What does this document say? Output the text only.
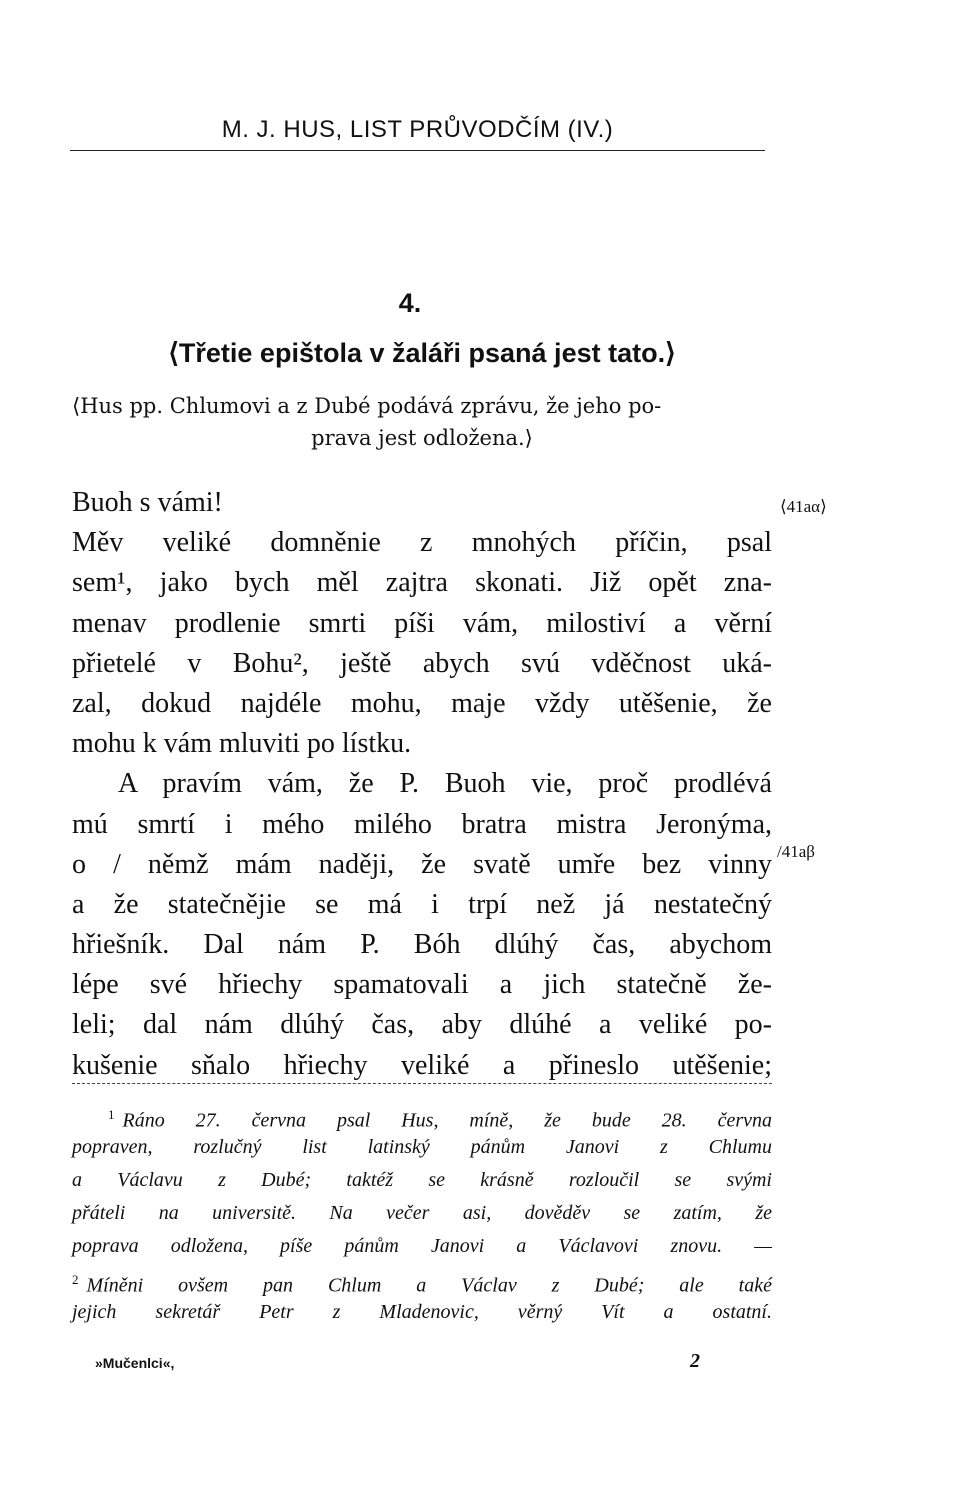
M. J. HUS, LIST PRŮVODČÍM (IV.)
4.
⟨Třetie epištola v žaláři psaná jest tato.⟩
⟨Hus pp. Chlumovi a z Dubé podává zprávu, že jeho po-
prava jest odložena.⟩
⟨41aα⟩
/41aβ
Buoh s vámi!
Měv veliké domněnie z mnohých příčin, psal
sem¹, jako bych měl zajtra skonati. Již opět zna-
menav prodlenie smrti píši vám, milostiví a věrní
přietelé v Bohu², ještě abych svú vděčnost uká-
zal, dokud najdéle mohu, maje vždy utěšenie, že
mohu k vám mluviti po lístku.
A pravím vám, že P. Buoh vie, proč prodlévá
mú smrtí i mého milého bratra mistra Jeronýma,
o / němž mám naději, že svatě umře bez vinny
a že statečnějie se má i trpí než já nestatečný
hřiešník. Dal nám P. Bóh dlúhý čas, abychom
lépe své hřiechy spamatovali a jich statečně že-
leli; dal nám dlúhý čas, aby dlúhé a veliké po-
kušenie sňalo hřiechy veliké a přineslo utěšenie;
$^1$ Ráno 27. června psal Hus, míně, že bude 28. června
popraven, rozlučný list latinský pánům Janovi z Chlumu
a Václavu z Dubé; taktéž se krásně rozloučil se svými
přáteli na universitě. Na večer asi, dověděv se zatím, že
poprava odložena, píše pánům Janovi a Václavovi znovu. —
$^2$ Míněni ovšem pan Chlum a Václav z Dubé; ale také
jejich sekretář Petr z Mladenovic, věrný Vít a ostatní.
»Mučenlci«,	2
